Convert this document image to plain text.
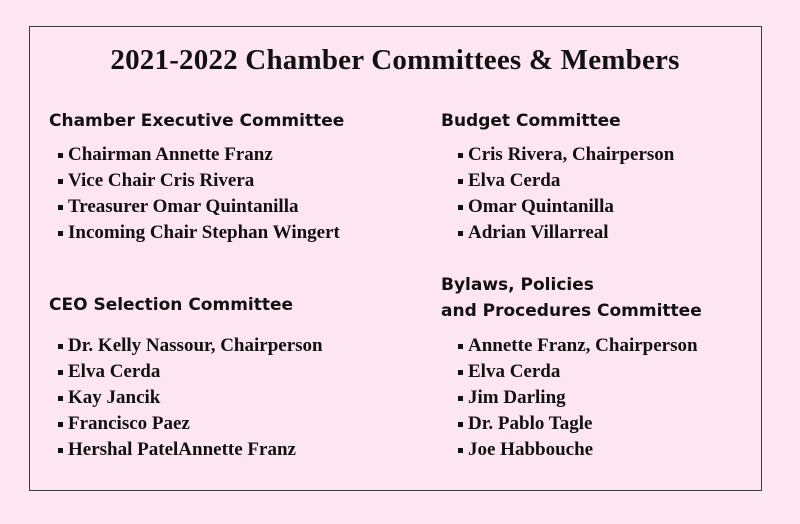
2021-2022 Chamber Committees & Members
Chamber Executive Committee
Chairman Annette Franz
Vice Chair Cris Rivera
Treasurer Omar Quintanilla
Incoming Chair Stephan Wingert
CEO Selection Committee
Dr. Kelly Nassour, Chairperson
Elva Cerda
Kay Jancik
Francisco Paez
Hershal PatelAnnette Franz
Budget Committee
Cris Rivera, Chairperson
Elva Cerda
Omar Quintanilla
Adrian Villarreal
Bylaws, Policies
and Procedures Committee
Annette Franz, Chairperson
Elva Cerda
Jim Darling
Dr. Pablo Tagle
Joe Habbouche
